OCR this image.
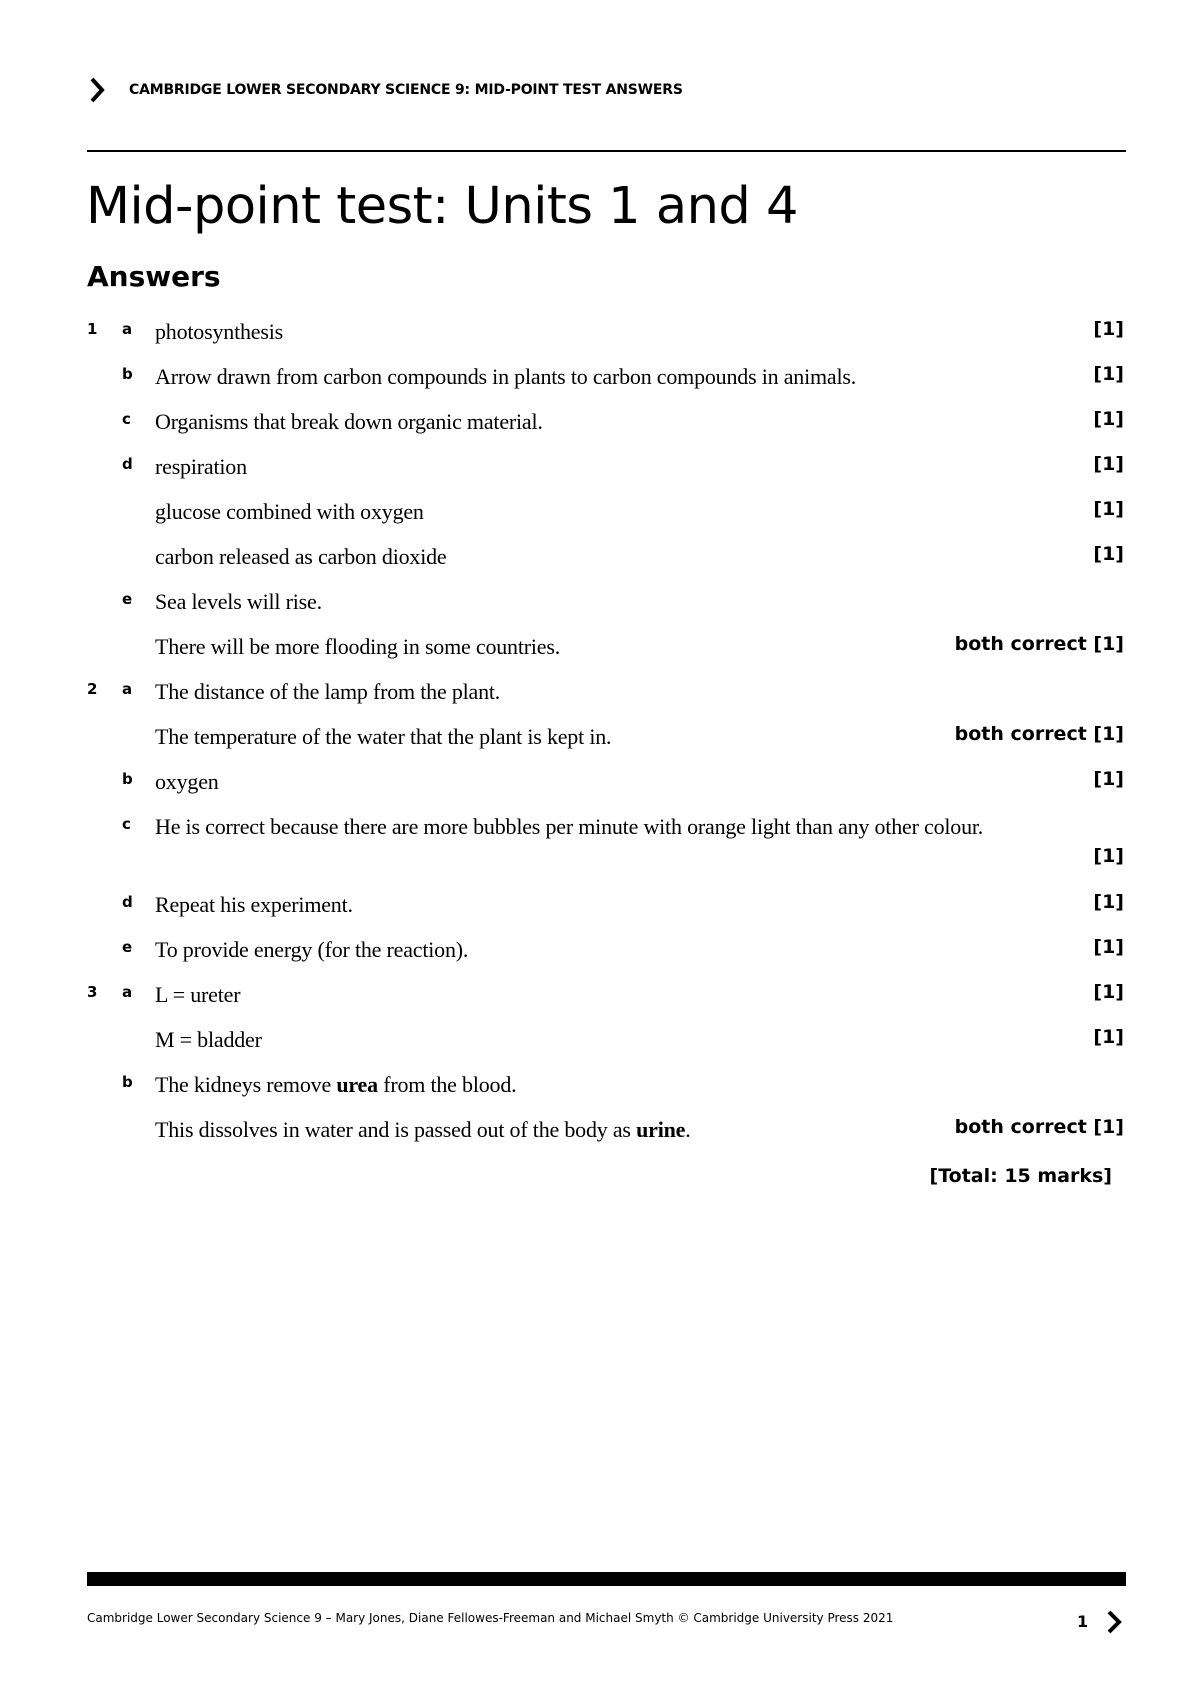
CAMBRIDGE LOWER SECONDARY SCIENCE 9: MID-POINT TEST ANSWERS
Mid-point test: Units 1 and 4
Answers
1 a photosynthesis	[1]
b Arrow drawn from carbon compounds in plants to carbon compounds in animals.	[1]
c Organisms that break down organic material.	[1]
d respiration	[1]
glucose combined with oxygen	[1]
carbon released as carbon dioxide	[1]
e Sea levels will rise.
There will be more flooding in some countries.	both correct [1]
2 a The distance of the lamp from the plant.
The temperature of the water that the plant is kept in.	both correct [1]
b oxygen	[1]
c He is correct because there are more bubbles per minute with orange light than any other colour.
[1]
d Repeat his experiment.	[1]
e To provide energy (for the reaction).	[1]
3 a L = ureter	[1]
M = bladder	[1]
b The kidneys remove urea from the blood.
This dissolves in water and is passed out of the body as urine.	both correct [1]
[Total: 15 marks]
Cambridge Lower Secondary Science 9 – Mary Jones, Diane Fellowes-Freeman and Michael Smyth © Cambridge University Press 2021	1
